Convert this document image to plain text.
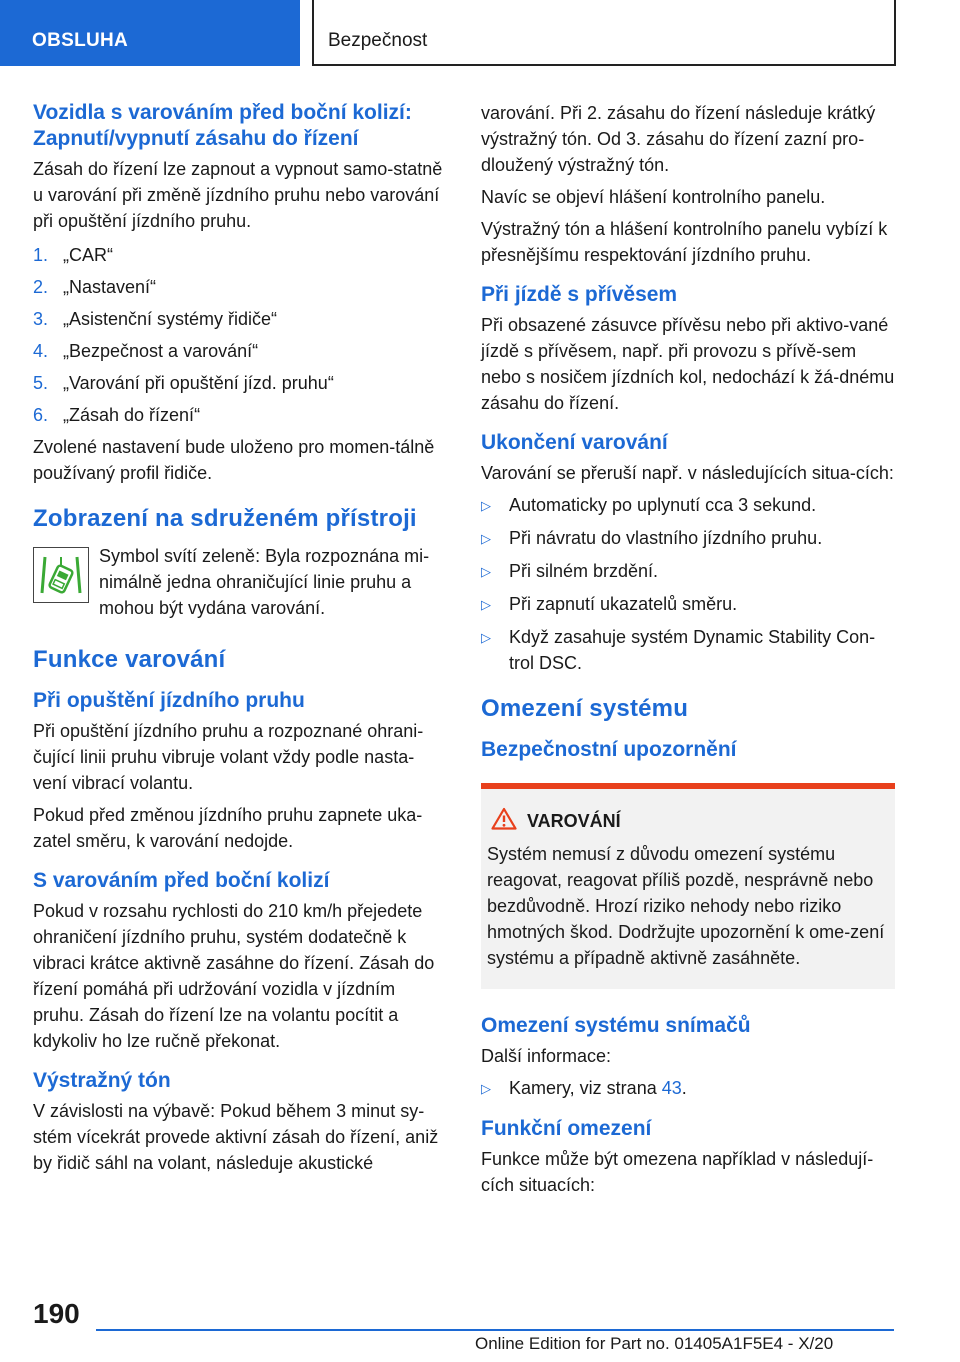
OBSLUHA	Bezpečnost
Vozidla s varováním před boční kolizí: Zapnutí/vypnutí zásahu do řízení

Zásah do řízení lze zapnout a vypnout samo-statně u varování při změně jízdního pruhu nebo varování při opuštění jízdního pruhu.

1. „CAR“
2. „Nastavení“
3. „Asistenční systémy řidiče“
4. „Bezpečnost a varování“
5. „Varování při opuštění jízd. pruhu“
6. „Zásah do řízení“

Zvolené nastavení bude uloženo pro momen-tálně používaný profil řidiče.

Zobrazení na sdruženém přístroji

Symbol svítí zeleně: Byla rozpoznána mi-nimálně jedna ohraničující linie pruhu a mohou být vydána varování.

Funkce varování
Při opuštění jízdního pruhu

Při opuštění jízdního pruhu a rozpoznané ohrani-čující linii pruhu vibruje volant vždy podle nasta-vení vibrací volantu.

Pokud před změnou jízdního pruhu zapnete uka-zatel směru, k varování nedojde.

S varováním před boční kolizí

Pokud v rozsahu rychlosti do 210 km/h přejedete ohraničení jízdního pruhu, systém dodatečně k vibraci krátce aktivně zasáhne do řízení. Zásah do řízení pomáhá při udržování vozidla v jízdním pruhu. Zásah do řízení lze na volantu pocítit a kdykoliv ho lze ručně překonat.

Výstražný tón

V závislosti na výbavě: Pokud během 3 minut sy-stém vícekrát provede aktivní zásah do řízení, aniž by řidič sáhl na volant, následuje akustické

varování. Při 2. zásahu do řízení následuje krátký výstražný tón. Od 3. zásahu do řízení zazní pro-dloužený výstražný tón.

Navíc se objeví hlášení kontrolního panelu.

Výstražný tón a hlášení kontrolního panelu vybízí k přesnějšímu respektování jízdního pruhu.

Při jízdě s přívěsem

Při obsazené zásuvce přívěsu nebo při aktivo-vané jízdě s přívěsem, např. při provozu s přívě-sem nebo s nosičem jízdních kol, nedochází k žá-dnému zásahu do řízení.

Ukončení varování

Varování se přeruší např. v následujících situa-cích:

▷	Automaticky po uplynutí cca 3 sekund.
▷	Při návratu do vlastního jízdního pruhu.
▷	Při silném brzdění.
▷	Při zapnutí ukazatelů směru.
▷	Když zasahuje systém Dynamic Stability Con-trol DSC.
Omezení systému
Bezpečnostní upozornění
VAROVÁNÍ

Systém nemusí z důvodu omezení systému reagovat, reagovat příliš pozdě, nesprávně nebo bezdůvodně. Hrozí riziko nehody nebo riziko hmotných škod. Dodržujte upozornění k ome-zení systému a případně aktivně zasáhněte.

Omezení systému snímačů

Další informace:

▷	Kamery, viz strana 43.
Funkční omezení

Funkce může být omezena například v následují-cích situacích:

190
Online Edition for Part no. 01405A1F5E4 - X/20
